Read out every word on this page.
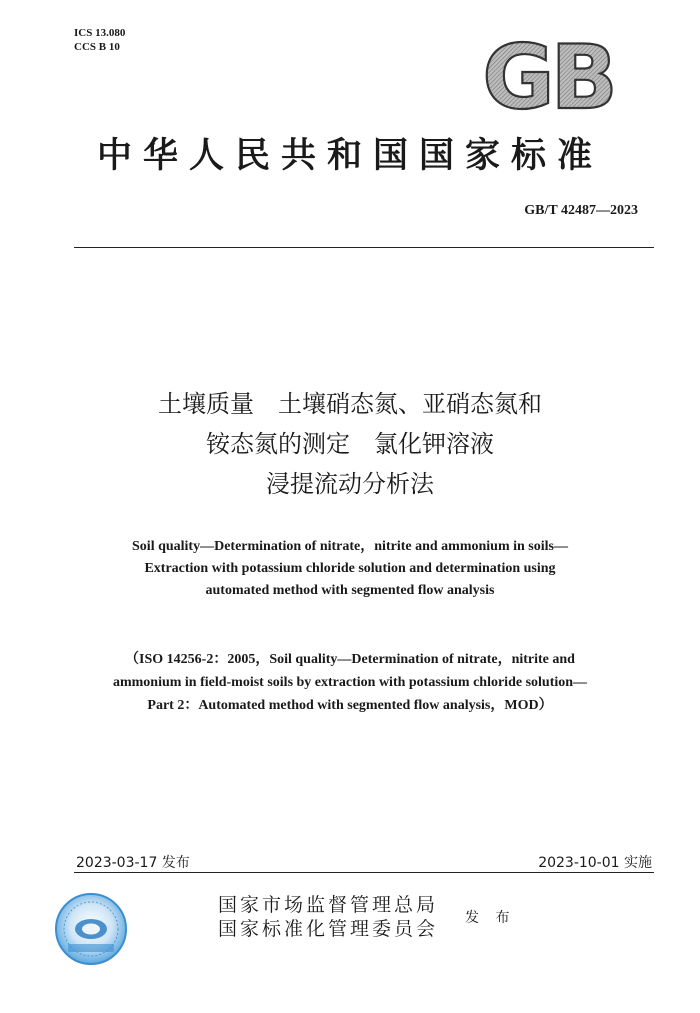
ICS 13.080
CCS B 10	GB
中华人民共和国国家标准
GB/T 42487—2023
土壤质量　土壤硝态氮、亚硝态氮和
铵态氮的测定　氯化钾溶液
浸提流动分析法
Soil quality—Determination of nitrate，nitrite and ammonium in soils—
Extraction with potassium chloride solution and determination using
automated method with segmented flow analysis
（ISO 14256-2：2005，Soil quality—Determination of nitrate，nitrite and
ammonium in field-moist soils by extraction with potassium chloride solution—
Part 2：Automated method with segmented flow analysis，MOD）
2023-03-17 发布	2023-10-01 实施
国家市场监督管理总局
国家标准化管理委员会 发 布
